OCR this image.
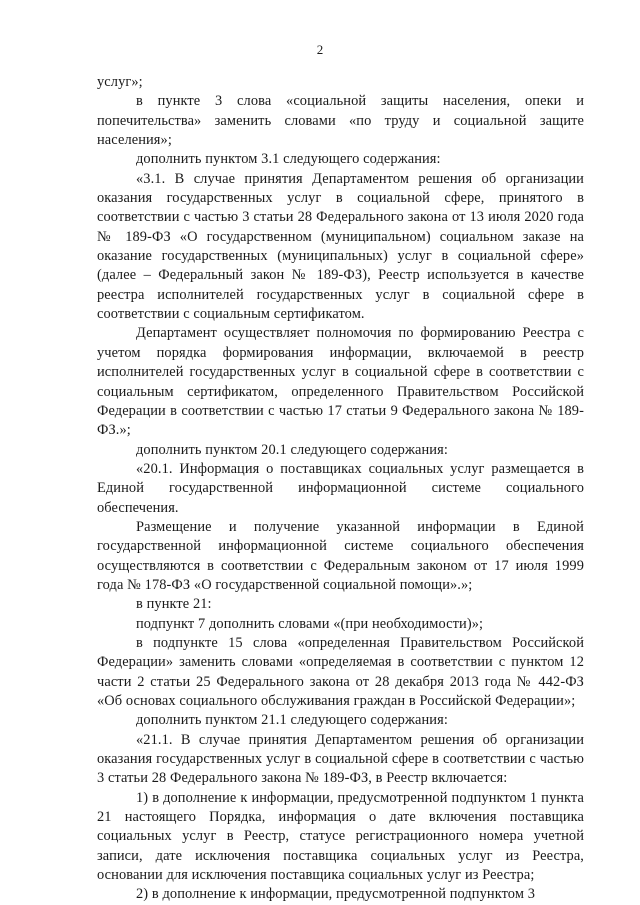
2

услуг»;

в пункте 3 слова «социальной защиты населения, опеки и попечительства» заменить словами «по труду и социальной защите населения»;

дополнить пунктом 3.1 следующего содержания:

«3.1. В случае принятия Департаментом решения об организации оказания государственных услуг в социальной сфере, принятого в соответствии с частью 3 статьи 28 Федерального закона от 13 июля 2020 года № 189-ФЗ «О государственном (муниципальном) социальном заказе на оказание государственных (муниципальных) услуг в социальной сфере» (далее – Федеральный закон № 189-ФЗ), Реестр используется в качестве реестра исполнителей государственных услуг в социальной сфере в соответствии с социальным сертификатом.

Департамент осуществляет полномочия по формированию Реестра с учетом порядка формирования информации, включаемой в реестр исполнителей государственных услуг в социальной сфере в соответствии с социальным сертификатом, определенного Правительством Российской Федерации в соответствии с частью 17 статьи 9 Федерального закона № 189-ФЗ.»;

дополнить пунктом 20.1 следующего содержания:

«20.1. Информация о поставщиках социальных услуг размещается в Единой государственной информационной системе социального обеспечения.

Размещение и получение указанной информации в Единой государственной информационной системе социального обеспечения осуществляются в соответствии с Федеральным законом от 17 июля 1999 года № 178-ФЗ «О государственной социальной помощи».»;

в пункте 21:

подпункт 7 дополнить словами «(при необходимости)»;

в подпункте 15 слова «определенная Правительством Российской Федерации» заменить словами «определяемая в соответствии с пунктом 12 части 2 статьи 25 Федерального закона от 28 декабря 2013 года № 442-ФЗ «Об основах социального обслуживания граждан в Российской Федерации»;

дополнить пунктом 21.1 следующего содержания:

«21.1. В случае принятия Департаментом решения об организации оказания государственных услуг в социальной сфере в соответствии с частью 3 статьи 28 Федерального закона № 189-ФЗ, в Реестр включается:

1) в дополнение к информации, предусмотренной подпунктом 1 пункта 21 настоящего Порядка, информация о дате включения поставщика социальных услуг в Реестр, статусе регистрационного номера учетной записи, дате исключения поставщика социальных услуг из Реестра, основании для исключения поставщика социальных услуг из Реестра;

2) в дополнение к информации, предусмотренной подпунктом 3
